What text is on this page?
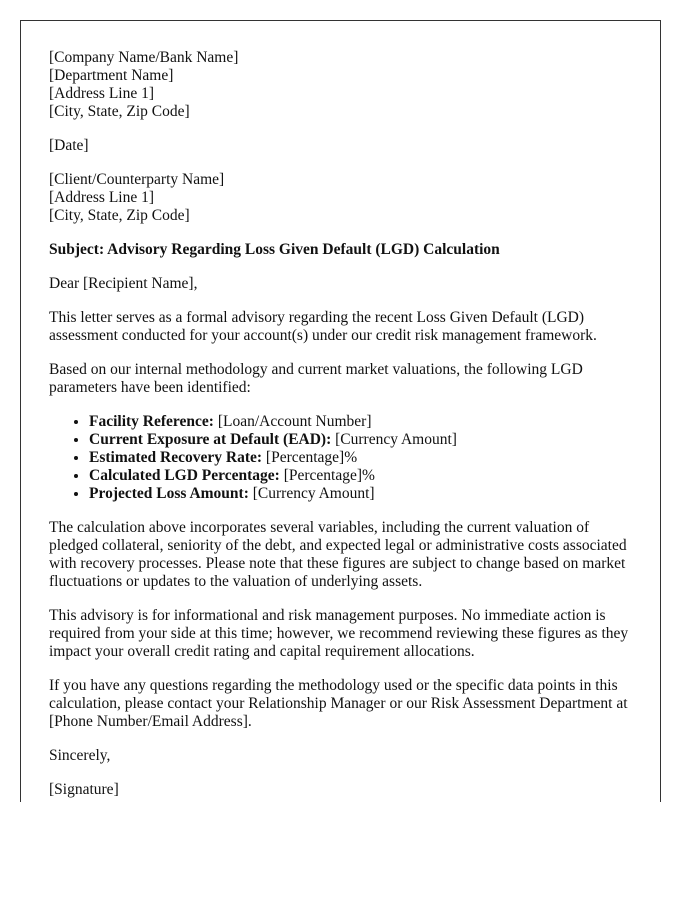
[Company Name/Bank Name]
[Department Name]
[Address Line 1]
[City, State, Zip Code]

[Date]

[Client/Counterparty Name]
[Address Line 1]
[City, State, Zip Code]

Subject: Advisory Regarding Loss Given Default (LGD) Calculation

Dear [Recipient Name],

This letter serves as a formal advisory regarding the recent Loss Given Default (LGD) assessment conducted for your account(s) under our credit risk management framework.

Based on our internal methodology and current market valuations, the following LGD parameters have been identified:

• Facility Reference: [Loan/Account Number]
• Current Exposure at Default (EAD): [Currency Amount]
• Estimated Recovery Rate: [Percentage]%
• Calculated LGD Percentage: [Percentage]%
• Projected Loss Amount: [Currency Amount]

The calculation above incorporates several variables, including the current valuation of pledged collateral, seniority of the debt, and expected legal or administrative costs associated with recovery processes. Please note that these figures are subject to change based on market fluctuations or updates to the valuation of underlying assets.

This advisory is for informational and risk management purposes. No immediate action is required from your side at this time; however, we recommend reviewing these figures as they impact your overall credit rating and capital requirement allocations.

If you have any questions regarding the methodology used or the specific data points in this calculation, please contact your Relationship Manager or our Risk Assessment Department at [Phone Number/Email Address].

Sincerely,

[Signature]
